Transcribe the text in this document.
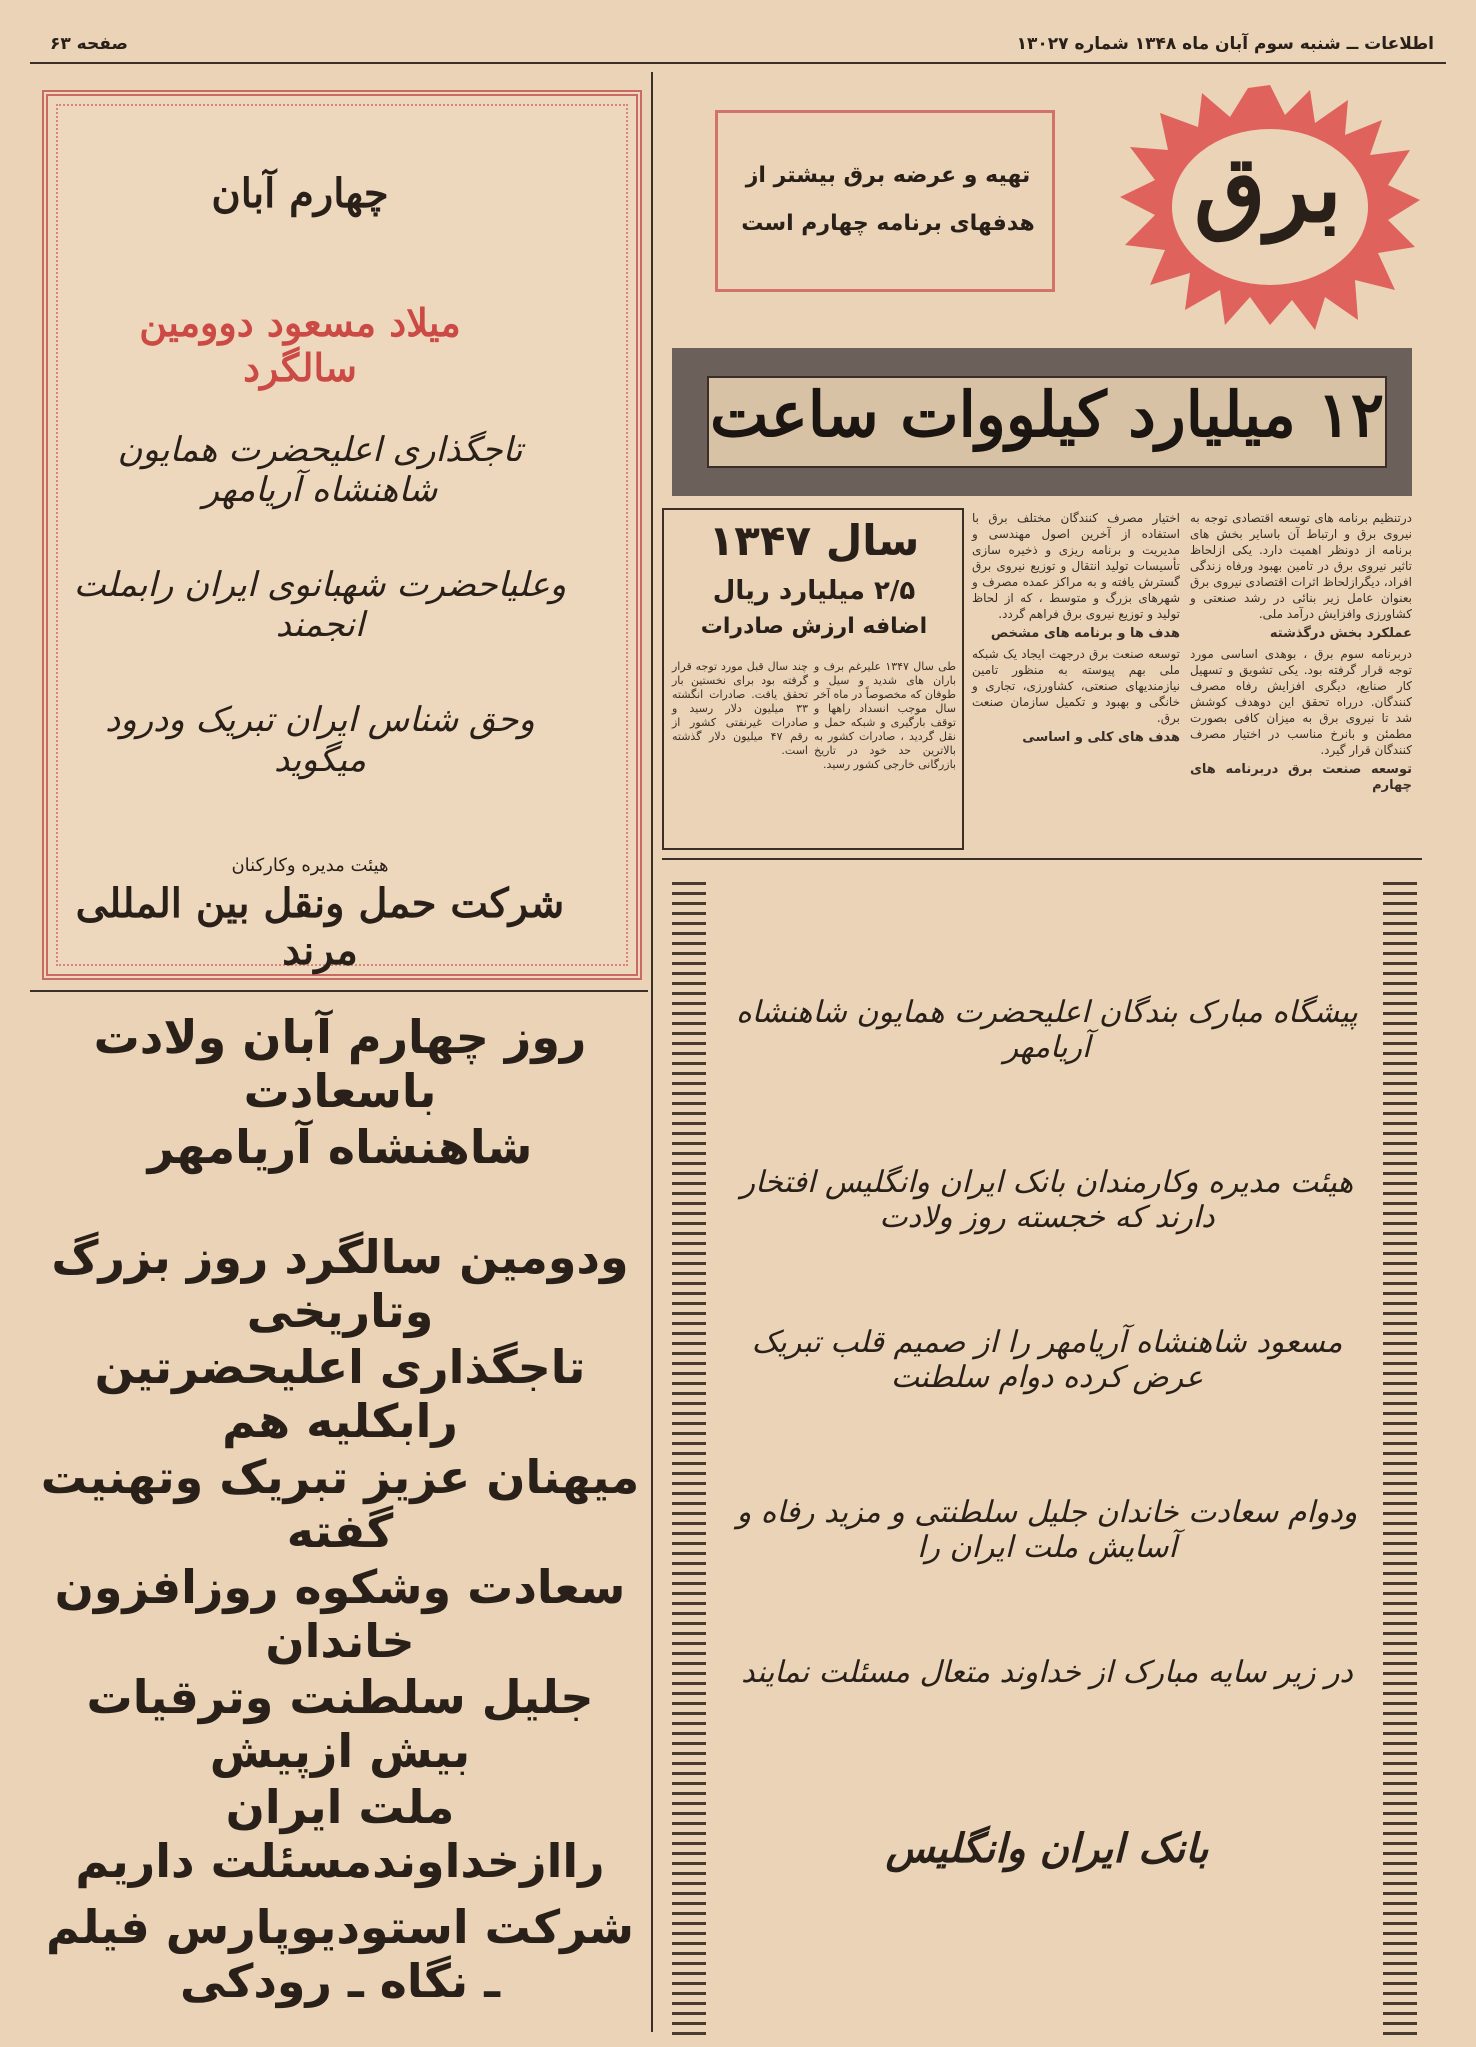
صفحه ۶۳	اطلاعات ــ شنبه سوم آبان ماه ۱۳۴۸ شماره ۱۳۰۲۷
چهارم آبان
میلاد مسعود دوومین سالگرد
تاجگذاری اعلیحضرت همایون شاهنشاه آریامهر
وعلیاحضرت شهبانوی ایران رابملت انجمند
وحق شناس ایران تبریک ودرود میگوید
هیئت مدیره وکارکنان
شرکت حمل ونقل بین المللی مرند
روز چهارم آبان ولادت باسعادت
شاهنشاه آریامهر
ودومین سالگرد روز بزرگ وتاریخی
تاجگذاری اعلیحضرتین رابکلیه هم
میهنان عزیز تبریک وتهنیت گفته
سعادت وشکوه روزافزون خاندان
جلیل سلطنت وترقیات بیش ازپیش
ملت ایران راازخداوندمسئلت داریم
شرکت استودیوپارس فیلم ـ نگاه ـ رودکی
برق
تهیه و عرضه برق بیشتر از
هدفهای برنامه چهارم است
۱۲ میلیارد کیلووات ساعت
سال ۱۳۴۷
۲/۵ میلیارد ریال
اضافه ارزش صادرات
طی سال ۱۳۴۷ علیرغم برف و باران های شدید و سیل و طوفان که مخصوصاً در ماه آخر سال موجب انسداد راهها و توقف بارگیری و شبکه حمل و نقل گردید ، صادرات کشور به بالاترین حد خود در تاریخ بازرگانی خارجی کشور رسید.
چند سال قبل مورد توجه قرار گرفته بود برای نخستین بار تحقق یافت. صادرات انگشته ۳۳ میلیون دلار رسید و صادرات غیرنفتی کشور از رقم ۴۷ میلیون دلار گذشته است.
درتنظیم برنامه های توسعه اقتصادی توجه به نیروی برق و ارتباط آن باسایر بخش های برنامه از دونظر اهمیت دارد. یکی ازلحاظ تاثیر نیروی برق در تامین بهبود ورفاه زندگی افراد، دیگرازلحاظ اثرات اقتصادی نیروی برق بعنوان عامل زیر بنائی در رشد صنعتی و کشاورزی وافزایش درآمد ملی.
عملکرد بخش درگذشته
دربرنامه سوم برق ، بوهدی اساسی مورد توجه قرار گرفته بود. یکی تشویق و تسهیل کار صنایع، دیگری افزایش رفاه مصرف کنندگان. درراه تحقق این دوهدف کوشش شد تا نیروی برق به میزان کافی بصورت مطمئن و بانرخ مناسب در اختیار مصرف کنندگان قرار گیرد.
توسعه صنعت برق دربرنامه های چهارم
اختیار مصرف کنندگان مختلف برق با استفاده از آخرین اصول مهندسی و مدیریت و برنامه ریزی و ذخیره سازی تأسیسات تولید انتقال و توزیع نیروی برق گسترش یافته و به مراکز عمده مصرف و شهرهای بزرگ و متوسط ، که از لحاظ تولید و توزیع نیروی برق فراهم گردد.
هدف ها و برنامه های مشخص
توسعه صنعت برق درجهت ایجاد یک شبکه ملی بهم پیوسته به منظور تامین نیازمندیهای صنعتی، کشاورزی، تجاری و خانگی و بهبود و تکمیل سازمان صنعت برق.
هدف های کلی و اساسی
پیشگاه مبارک بندگان اعلیحضرت همایون شاهنشاه آریامهر
هیئت مدیره وکارمندان بانک ایران وانگلیس افتخار دارند که خجسته روز ولادت
مسعود شاهنشاه آریامهر را از صمیم قلب تبریک عرض کرده دوام سلطنت
ودوام سعادت خاندان جلیل سلطنتی و مزید رفاه و آسایش ملت ایران را
در زیر سایه مبارک از خداوند متعال مسئلت نمایند
بانک ایران وانگلیس
